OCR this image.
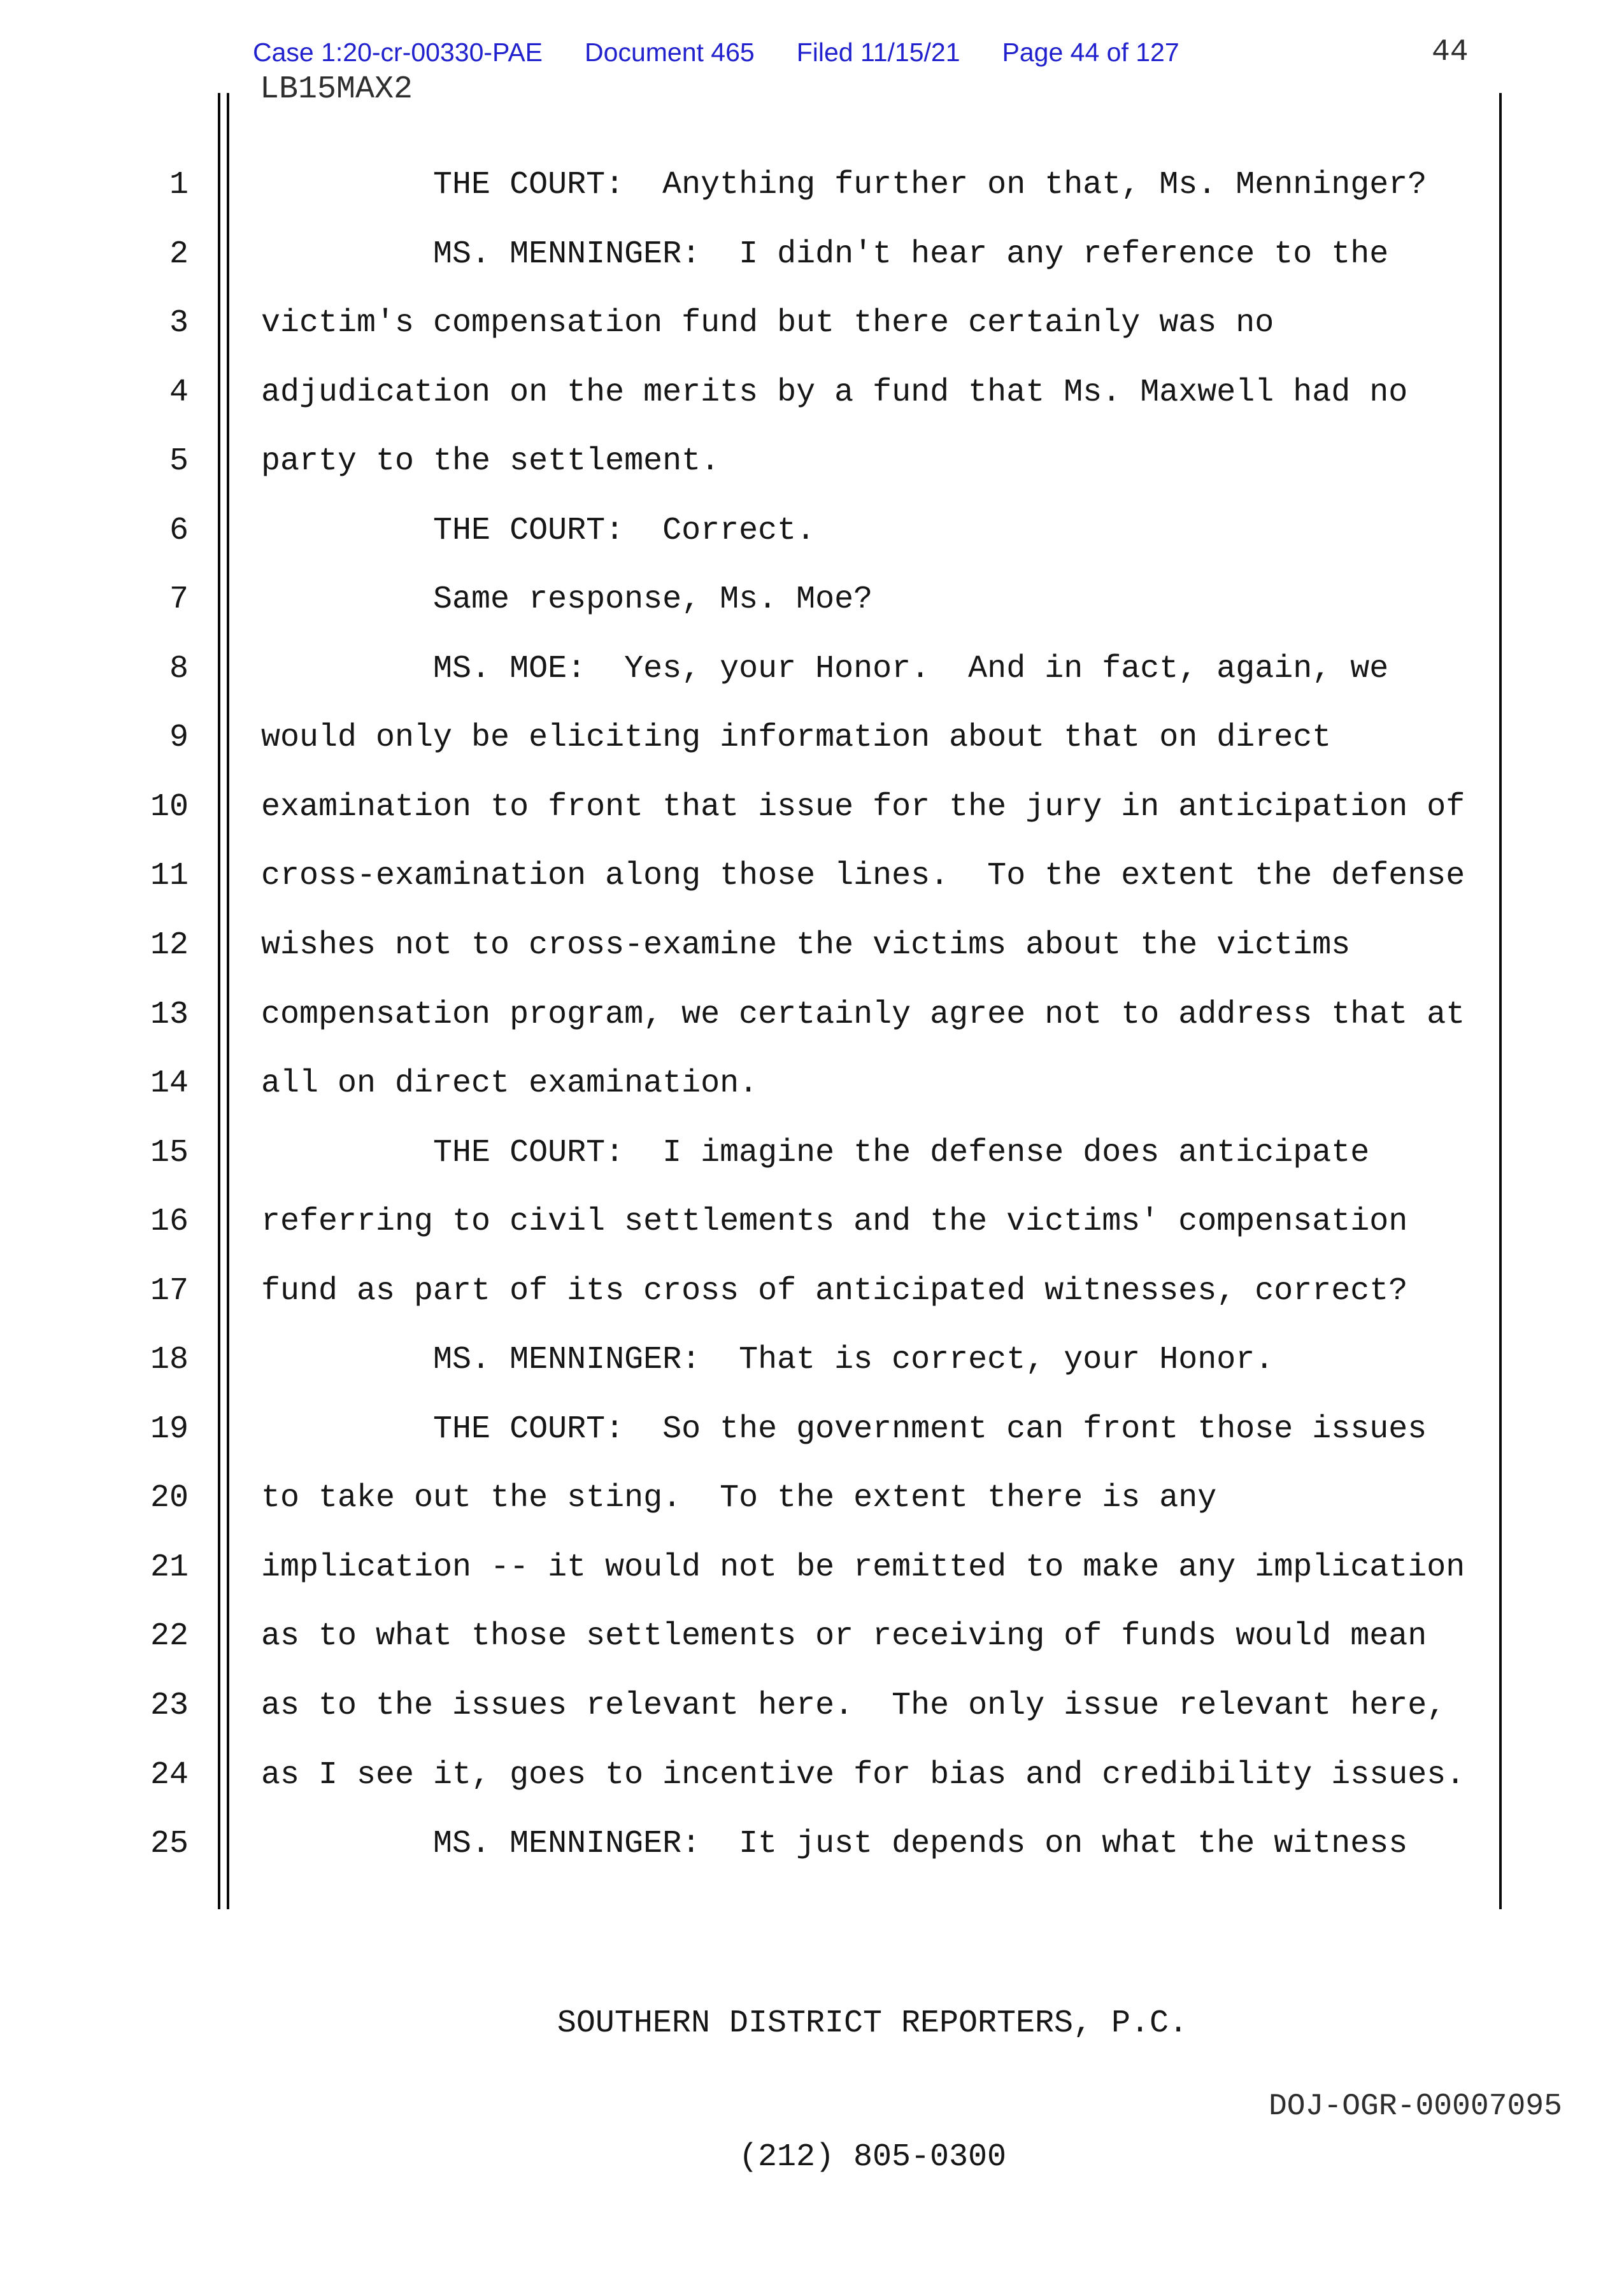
Case 1:20-cr-00330-PAE Document 465 Filed 11/15/21 Page 44 of 127	44
LB15MAX2
1 THE COURT:  Anything further on that, Ms. Menninger?
2 MS. MENNINGER:  I didn't hear any reference to the
3 victim's compensation fund but there certainly was no
4 adjudication on the merits by a fund that Ms. Maxwell had no
5 party to the settlement.
6 THE COURT:  Correct.
7 Same response, Ms. Moe?
8 MS. MOE:  Yes, your Honor.  And in fact, again, we
9 would only be eliciting information about that on direct
10 examination to front that issue for the jury in anticipation of
11 cross-examination along those lines.  To the extent the defense
12 wishes not to cross-examine the victims about the victims
13 compensation program, we certainly agree not to address that at
14 all on direct examination.
15 THE COURT:  I imagine the defense does anticipate
16 referring to civil settlements and the victims' compensation
17 fund as part of its cross of anticipated witnesses, correct?
18 MS. MENNINGER:  That is correct, your Honor.
19 THE COURT:  So the government can front those issues
20 to take out the sting.  To the extent there is any
21 implication -- it would not be remitted to make any implication
22 as to what those settlements or receiving of funds would mean
23 as to the issues relevant here.  The only issue relevant here,
24 as I see it, goes to incentive for bias and credibility issues.
25 MS. MENNINGER:  It just depends on what the witness

SOUTHERN DISTRICT REPORTERS, P.C.

(212) 805-0300

DOJ-OGR-00007095
